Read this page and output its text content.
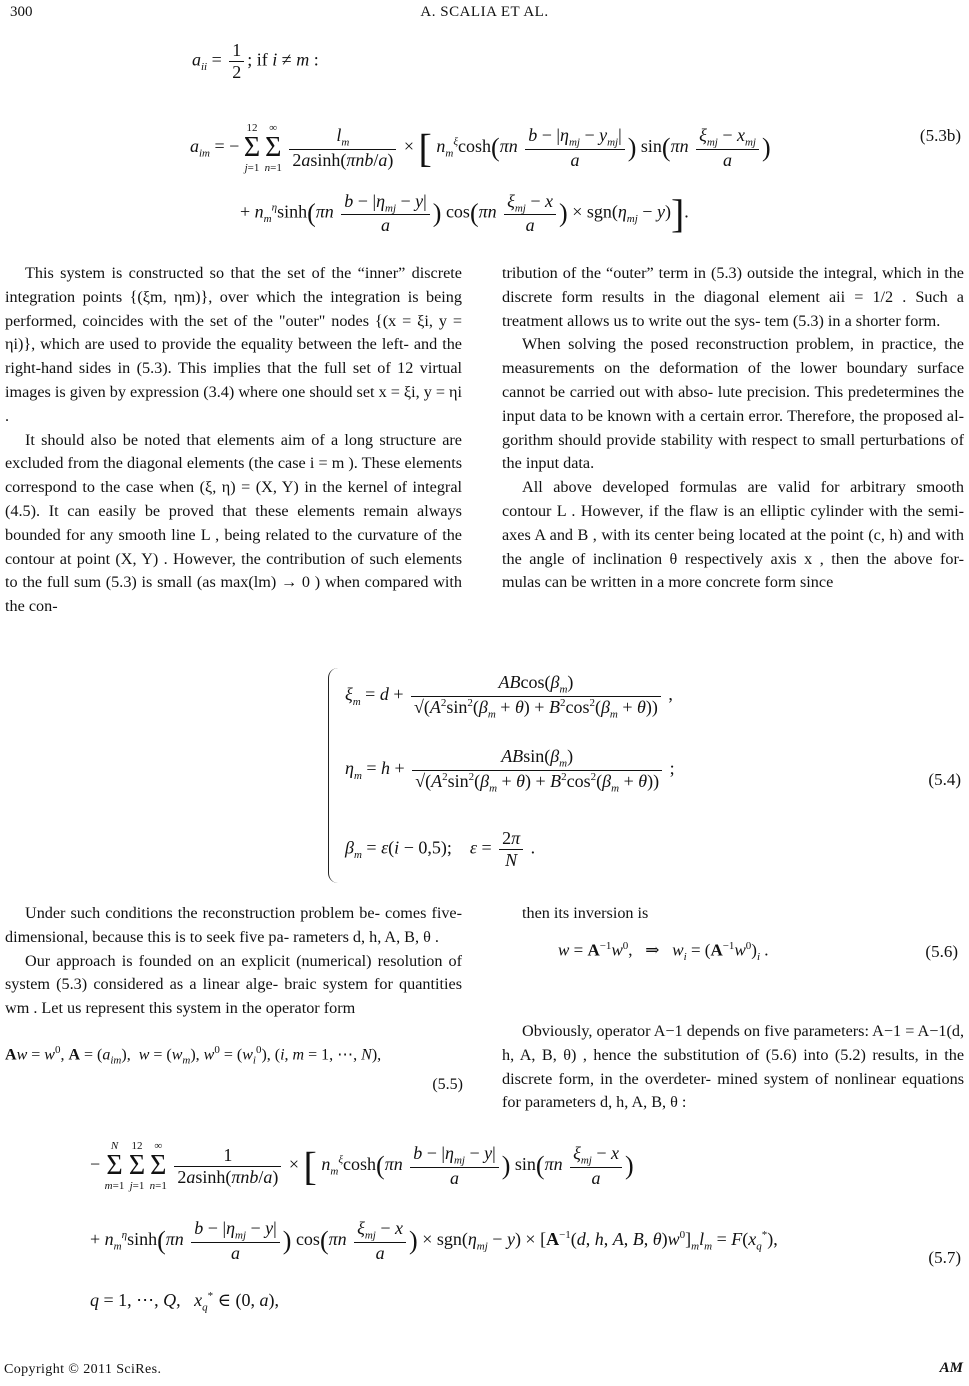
300	A. SCALIA ET AL.
$a_{ii} = \frac{1}{2}$ ; if i ≠ m :
$a_{im}$ = − 12
Σ
j=1 ∞
Σ
$n=1 \frac{l_m}{\text{2asinh(πnb/a)}}$ × [ $n_m^\xi\cosh(\pi n \frac{b - |\eta_{mj} - y_{mj}|}{a}$ ) $\sin(\pi n \frac{\xi_{mj} - x_{mj}}{a}$ )
+ $n_m^\eta\sinh(\pi n \frac{b - |\eta_{mj} - y|}{a}$ ) $\cos(\pi n \frac{\xi_{mj} - x}{a}$ ) × $sgn(\eta_{mj} - y)$].
(5.3b)

This system is constructed so that the set of the “inner” discrete integration points {(ξm, ηm)}, over which the integration is being performed, coincides with the set of the "outer" nodes {(x = ξi, y = ηi)}, which are used to provide the equality between the left- and the right-hand sides in (5.3). This implies that the full set of 12 virtual images is given by expression (3.4) where one should set x = ξi, y = ηi .

It should also be noted that elements aim of a long structure are excluded from the diagonal elements (the case i = m ). These elements correspond to the case when (ξ, η) = (X, Y) in the kernel of integral (4.5). It can easily be proved that these elements remain always bounded for any smooth line L , being related to the curvature of the contour at point (X, Y) . However, the contribution of such elements to the full sum (5.3) is small (as max(lm) → 0 ) when compared with the con-

tribution of the “outer” term in (5.3) outside the integral, which in the discrete form results in the diagonal element aii = 1/2 . Such a treatment allows us to write out the sys- tem (5.3) in a shorter form.

When solving the posed reconstruction problem, in practice, the measurements on the deformation of the lower boundary surface cannot be carried out with abso- lute precision. This predetermines the input data to be known with a certain error. Therefore, the proposed al- gorithm should provide stability with respect to small perturbations of the input data.

All above developed formulas are valid for arbitrary smooth contour L . However, if the flaw is an elliptic cylinder with the semi-axes A and B , with its center being located at the point (c, h) and with the angle of inclination θ respectively axis x , then the above for- mulas can be written in a more concrete form since

$\xi_m = d + \frac{ABcos(\beta_m)}{√(A^2\sin^2(\beta_m + \theta) + B^2\cos^2(\beta_m + \theta))}$ ,
$\eta_m = h + \frac{ABsin(\beta_m)}{√(A^2\sin^2(\beta_m + \theta) + B^2\cos^2(\beta_m + \theta))}$ ;
$\beta_m = \varepsilon(i - 0,5)$;    $\varepsilon = \frac{2\pi}{N}$ .
(5.4)

Under such conditions the reconstruction problem be- comes five-dimensional, because this is to seek five pa- rameters d, h, A, B, θ .

Our approach is founded on an explicit (numerical) resolution of system (5.3) considered as a linear alge- braic system for quantities wm . Let us represent this system in the operator form

$Aw = w^0$, $A = (a_{im})$,  $w = (w_m)$, $w^0 = (w_i^0)$, (i, m = 1, ⋯, N),
(5.5)

then its inversion is

$w = A^{-1}w^0$,   ⇒   $w_i = (A^{-1}w^0)_i$ .	(5.6)

Obviously, operator A−1 depends on five parameters: A−1 = A−1(d, h, A, B, θ) , hence the substitution of (5.6) into (5.2) results, in the discrete form, in the overdeter- mined system of nonlinear equations for parameters d, h, A, B, θ :

− N
Σ
m=1 12
Σ
j=1 ∞
Σ
$n=1 \frac{1}{\text{2asinh(πnb/a)}}$ × [ $n_m^\xi\cosh(\pi n \frac{b - |\eta_{mj} - y|}{a}$ ) $\sin(\pi n \frac{\xi_{mj} - x}{a}$ )
+ $n_m^\eta\sinh(\pi n \frac{b - |\eta_{mj} - y|}{a}$ ) $\cos(\pi n \frac{\xi_{mj} - x}{a}$ ) × $sgn(\eta_{mj} - y) \times [A^{-1}(d$, h, A, B, $\theta)w^0]_ml_m = F(x_q^*)$,
q = 1, ⋯, Q,   $x_q^*$ ∈ (0, a),
(5.7)
Copyright © 2011 SciRes.	AM
